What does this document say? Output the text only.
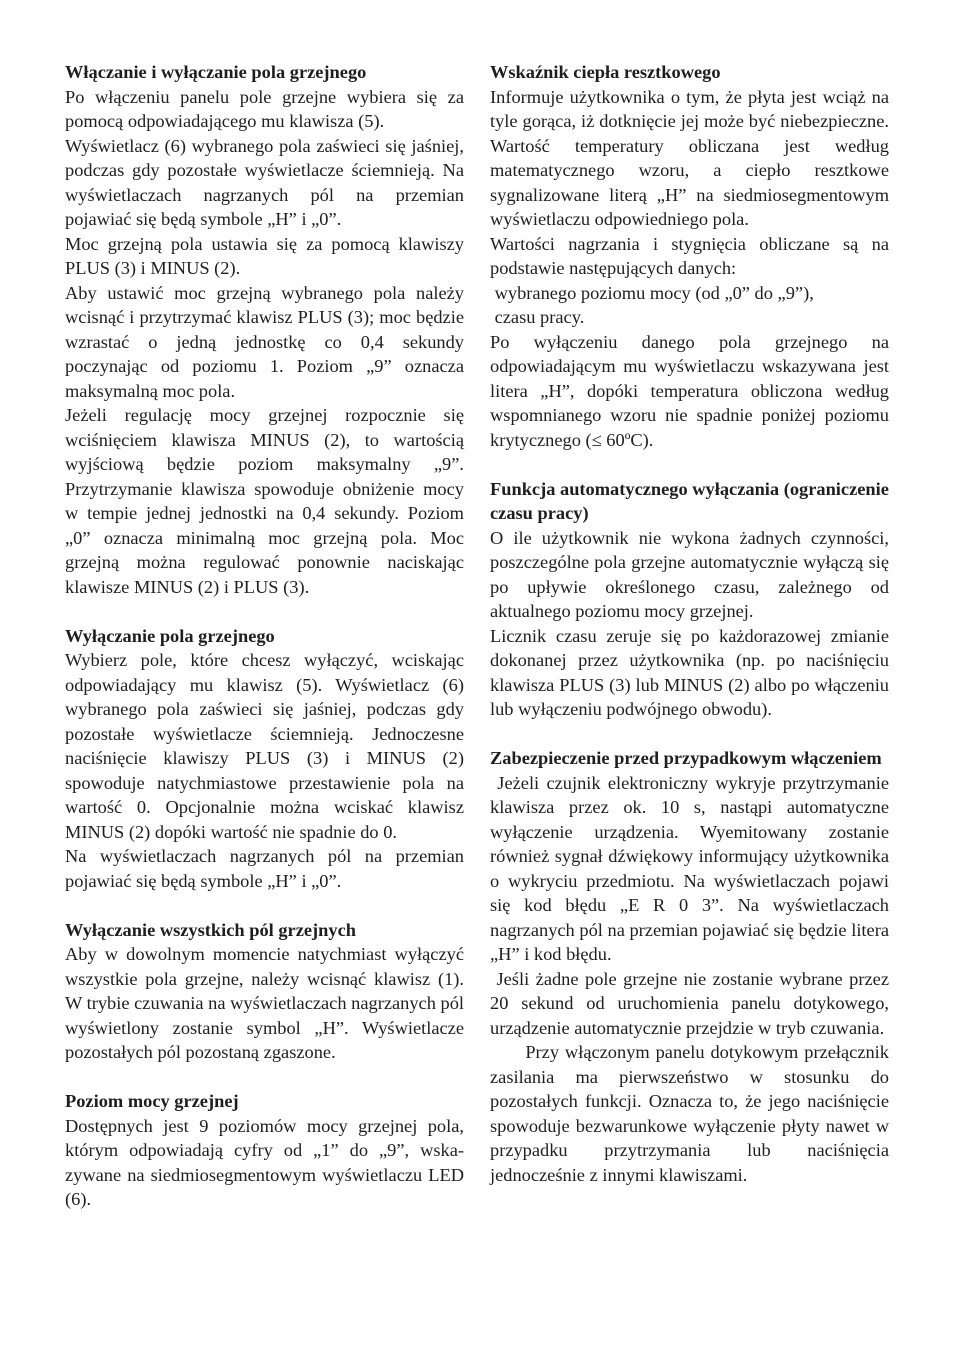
Włączanie i wyłączanie pola grzejnego
Po włączeniu panelu pole grzejne wybiera się za pomocą odpowiadającego mu klawisza (5).
Wyświetlacz (6) wybranego pola zaświeci się jaśniej, podczas gdy pozostałe wyświetlacze ściemnieją. Na wyświetlaczach nagrzanych pól na przemian pojawiać się będą symbole „H” i „0”.
Moc grzejną pola ustawia się za pomocą klawiszy PLUS (3) i MINUS (2).
Aby ustawić moc grzejną wybranego pola należy wcisnąć i przytrzymać klawisz PLUS (3); moc będzie wzrastać o jedną jednostkę co 0,4 sekundy poczynając od poziomu 1. Poziom „9” oznacza maksymalną moc pola.
Jeżeli regulację mocy grzejnej rozpocznie się wciśnięciem klawisza MINUS (2), to wartością wyjściową będzie poziom maksymalny „9”. Przytrzymanie klawisza spowoduje obniżenie mocy w tempie jednej jednostki na 0,4 sekundy. Poziom „0” oznacza minimalną moc grzejną pola. Moc grzejną można regulować ponownie naciskając klawisze MINUS (2) i PLUS (3).
Wyłączanie pola grzejnego
Wybierz pole, które chcesz wyłączyć, wciskając odpowiadający mu klawisz (5). Wyświetlacz (6) wybranego pola zaświeci się jaśniej, podczas gdy pozostałe wyświetlacze ściemnieją. Jednoczesne naciśnięcie klawiszy PLUS (3) i MINUS (2) spowoduje natychmiastowe przestawienie pola na wartość 0. Opcjonalnie można wciskać klawisz MINUS (2) dopóki wartość nie spadnie do 0.
Na wyświetlaczach nagrzanych pól na przemian pojawiać się będą symbole „H” i „0”.
Wyłączanie wszystkich pól grzejnych
Aby w dowolnym momencie natychmiast wyłączyć wszystkie pola grzejne, należy wcisnąć klawisz (1). W trybie czuwania na wyświetlaczach nagrzanych pól wyświetlony zostanie symbol „H”. Wyświetlacze pozostałych pól pozostaną zgaszone.
Poziom mocy grzejnej
Dostępnych jest 9 poziomów mocy grzejnej pola, którym odpowiadają cyfry od „1” do „9”, wskazywane na siedmiosegmentowym wyświetlaczu LED (6).
Wskaźnik ciepła resztkowego
Informuje użytkownika o tym, że płyta jest wciąż na tyle gorąca, iż dotknięcie jej może być niebezpieczne. Wartość temperatury obliczana jest według matematycznego wzoru, a ciepło resztkowe sygnalizowane literą „H” na siedmiosegmentowym wyświetlaczu odpowiedniego pola.
Wartości nagrzania i stygnięcia obliczane są na podstawie następujących danych:
wybranego poziomu mocy (od „0” do „9”),
czasu pracy.
Po wyłączeniu danego pola grzejnego na odpowiadającym mu wyświetlaczu wskazywana jest litera „H”, dopóki temperatura obliczona według wspomnianego wzoru nie spadnie poniżej poziomu krytycznego (≤ 60ºC).
Funkcja automatycznego wyłączania (ograniczenie czasu pracy)
O ile użytkownik nie wykona żadnych czynności, poszczególne pola grzejne automatycznie wyłączą się po upływie określonego czasu, zależnego od aktualnego poziomu mocy grzejnej.
Licznik czasu zeruje się po każdorazowej zmianie dokonanej przez użytkownika (np. po naciśnięciu klawisza PLUS (3) lub MINUS (2) albo po włączeniu lub wyłączeniu podwójnego obwodu).
Zabezpieczenie przed przypadkowym włączeniem
Jeżeli czujnik elektroniczny wykryje przytrzymanie klawisza przez ok. 10 s, nastąpi automatyczne wyłączenie urządzenia. Wyemitowany zostanie również sygnał dźwiękowy informujący użytkownika o wykryciu przedmiotu. Na wyświetlaczach pojawi się kod błędu „E R 0 3”. Na wyświetlaczach nagrzanych pól na przemian pojawiać się będzie litera „H” i kod błędu.
Jeśli żadne pole grzejne nie zostanie wybrane przez 20 sekund od uruchomienia panelu dotykowego, urządzenie automatycznie przejdzie w tryb czuwania.
Przy włączonym panelu dotykowym przełącznik zasilania ma pierwszeństwo w stosunku do pozostałych funkcji. Oznacza to, że jego naciśnięcie spowoduje bezwarunkowe wyłączenie płyty nawet w przypadku przytrzymania lub naciśnięcia jednocześnie z innymi klawiszami.
